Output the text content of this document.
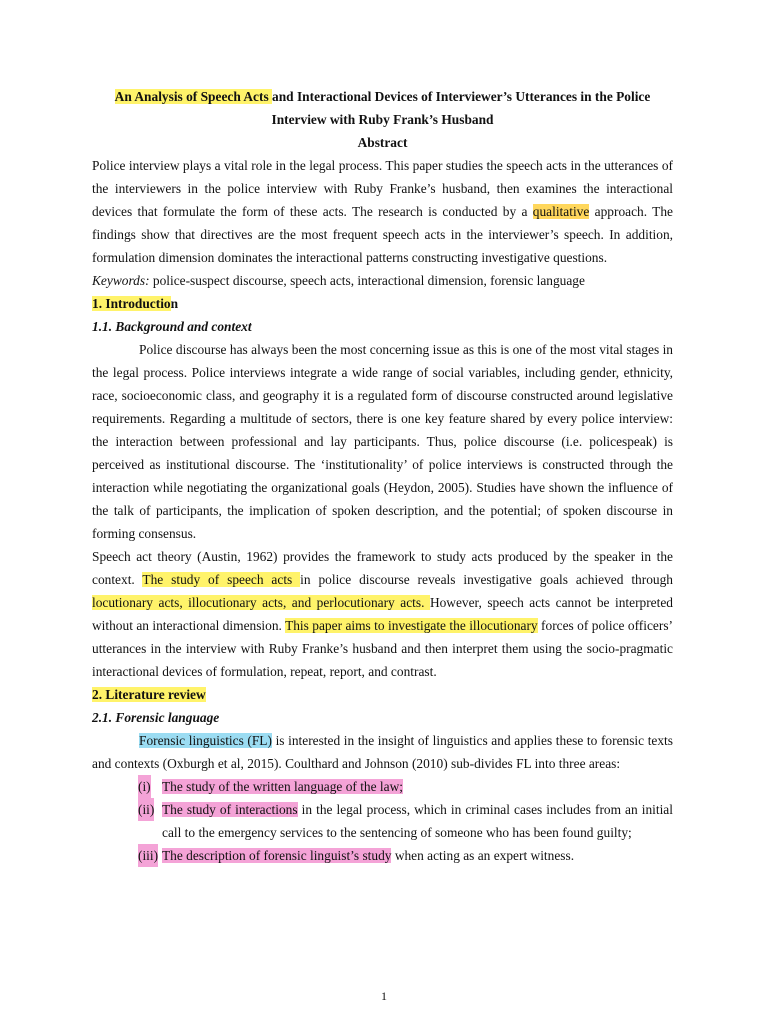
An Analysis of Speech Acts and Interactional Devices of Interviewer’s Utterances in the Police Interview with Ruby Frank’s Husband

Abstract

Police interview plays a vital role in the legal process. This paper studies the speech acts in the utterances of the interviewers in the police interview with Ruby Franke’s husband, then examines the interactional devices that formulate the form of these acts. The research is conducted by a qualitative approach. The findings show that directives are the most frequent speech acts in the interviewer’s speech. In addition, formulation dimension dominates the interactional patterns constructing investigative questions.

Keywords: police-suspect discourse, speech acts, interactional dimension, forensic language

1. Introduction

1.1. Background and context

Police discourse has always been the most concerning issue as this is one of the most vital stages in the legal process. Police interviews integrate a wide range of social variables, including gender, ethnicity, race, socioeconomic class, and geography it is a regulated form of discourse constructed around legislative requirements. Regarding a multitude of sectors, there is one key feature shared by every police interview: the interaction between professional and lay participants. Thus, police discourse (i.e. policespeak) is perceived as institutional discourse. The ‘institutionality’ of police interviews is constructed through the interaction while negotiating the organizational goals (Heydon, 2005). Studies have shown the influence of the talk of participants, the implication of spoken description, and the potential; of spoken discourse in forming consensus.

Speech act theory (Austin, 1962) provides the framework to study acts produced by the speaker in the context. The study of speech acts in police discourse reveals investigative goals achieved through locutionary acts, illocutionary acts, and perlocutionary acts. However, speech acts cannot be interpreted without an interactional dimension. This paper aims to investigate the illocutionary forces of police officers’ utterances in the interview with Ruby Franke’s husband and then interpret them using the socio-pragmatic interactional devices of formulation, repeat, report, and contrast.

2. Literature review

2.1. Forensic language

Forensic linguistics (FL) is interested in the insight of linguistics and applies these to forensic texts and contexts (Oxburgh et al, 2015). Coulthard and Johnson (2010) sub-divides FL into three areas:

(i) The study of the written language of the law;
(ii) The study of interactions in the legal process, which in criminal cases includes from an initial call to the emergency services to the sentencing of someone who has been found guilty;
(iii) The description of forensic linguist’s study when acting as an expert witness.
1
